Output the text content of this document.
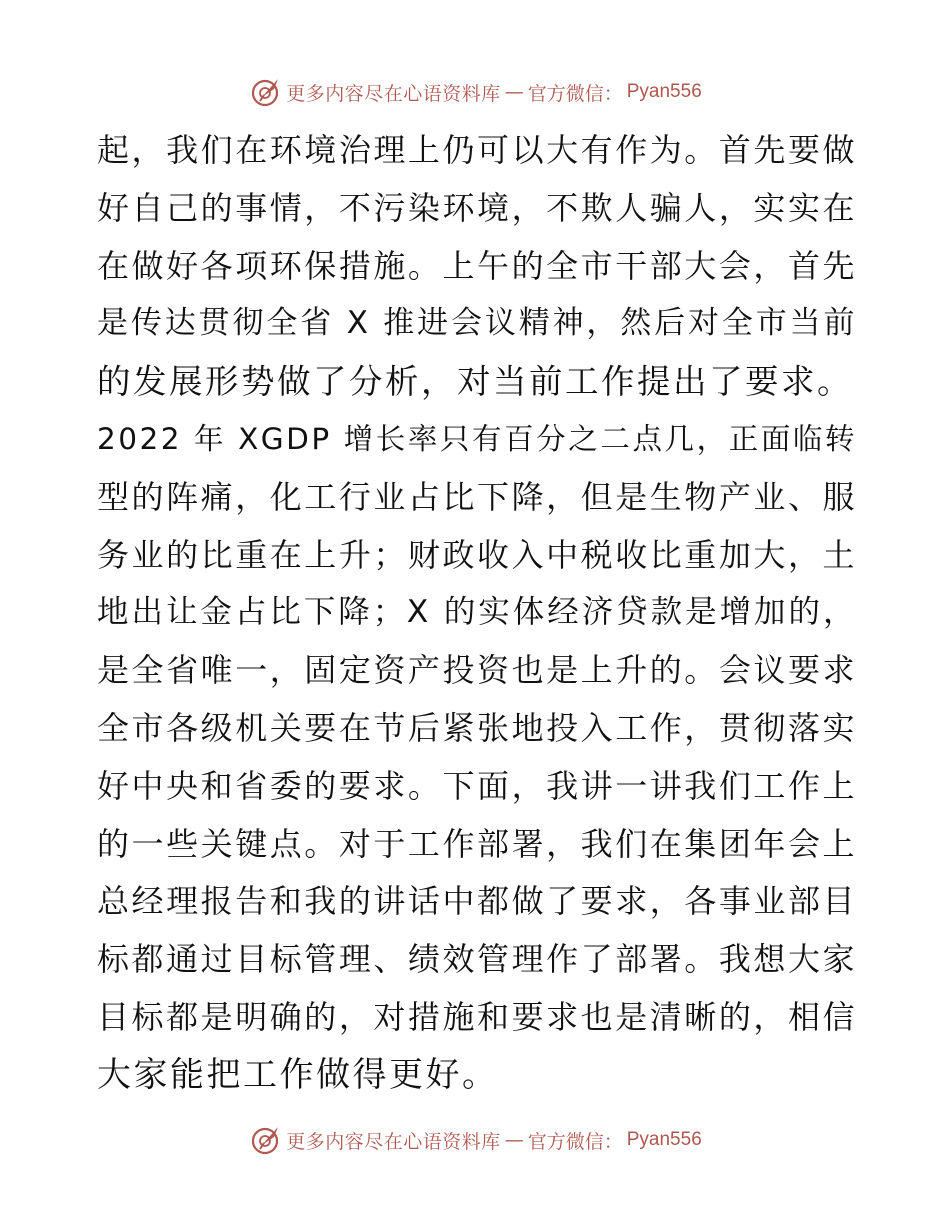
更多内容尽在心语资料库 — 官方微信： Pyan556
起，我们在环境治理上仍可以大有作为。首先要做
好自己的事情，不污染环境，不欺人骗人，实实在
在做好各项环保措施。上午的全市干部大会，首先
是传达贯彻全省 X 推进会议精神，然后对全市当前
的发展形势做了分析，对当前工作提出了要求。
2022 年 XGDP 增长率只有百分之二点几，正面临转
型的阵痛，化工行业占比下降，但是生物产业、服
务业的比重在上升；财政收入中税收比重加大，土
地出让金占比下降；X 的实体经济贷款是增加的，
是全省唯一，固定资产投资也是上升的。会议要求
全市各级机关要在节后紧张地投入工作，贯彻落实
好中央和省委的要求。下面，我讲一讲我们工作上
的一些关键点。对于工作部署，我们在集团年会上
总经理报告和我的讲话中都做了要求，各事业部目
标都通过目标管理、绩效管理作了部署。我想大家
目标都是明确的，对措施和要求也是清晰的，相信
大家能把工作做得更好。
更多内容尽在心语资料库 — 官方微信： Pyan556
